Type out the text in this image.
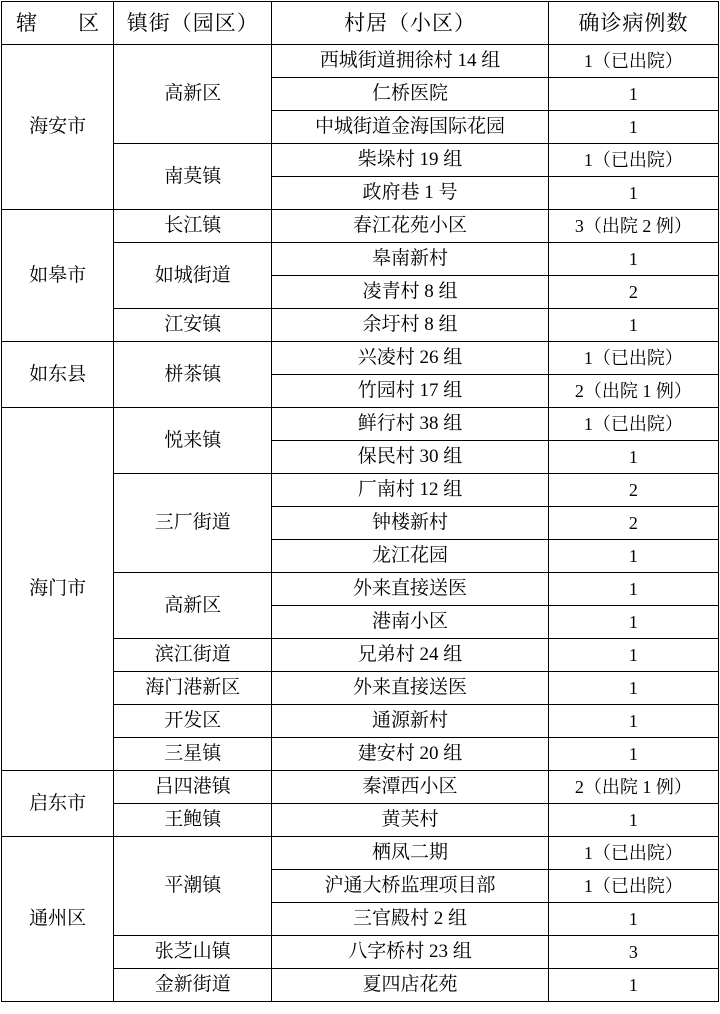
辖　区	镇街（园区）	村居（小区）	确诊病例数
海安市	高新区	西城街道拥徐村 14 组	1（已出院）
		仁桥医院	1
		中城街道金海国际花园	1
	南莫镇	柴垛村 19 组	1（已出院）
		政府巷 1 号	1
如皋市	长江镇	春江花苑小区	3（出院 2 例）
	如城街道	皋南新村	1
		凌青村 8 组	2
	江安镇	余圩村 8 组	1
如东县	栟茶镇	兴凌村 26 组	1（已出院）
		竹园村 17 组	2（出院 1 例）
海门市	悦来镇	鲜行村 38 组	1（已出院）
		保民村 30 组	1
	三厂街道	厂南村 12 组	2
		钟楼新村	2
		龙江花园	1
	高新区	外来直接送医	1
		港南小区	1
	滨江街道	兄弟村 24 组	1
	海门港新区	外来直接送医	1
	开发区	通源新村	1
	三星镇	建安村 20 组	1
启东市	吕四港镇	秦潭西小区	2（出院 1 例）
	王鲍镇	黄芙村	1
通州区	平潮镇	栖凤二期	1（已出院）
		沪通大桥监理项目部	1（已出院）
		三官殿村 2 组	1
	张芝山镇	八字桥村 23 组	3
	金新街道	夏四店花苑	1
